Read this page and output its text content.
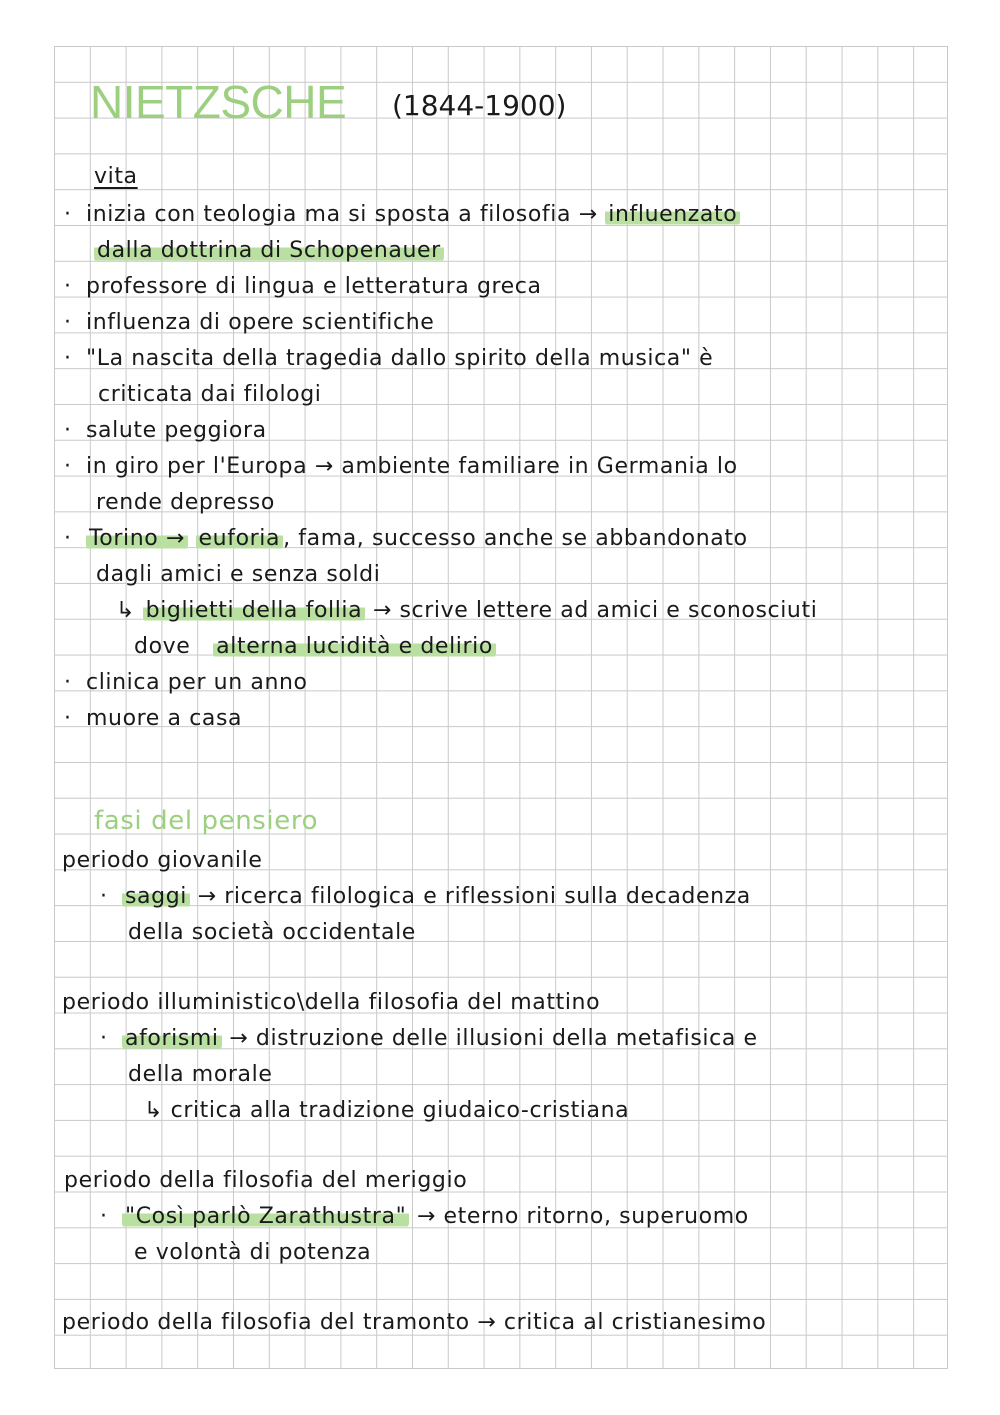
NIETZSCHE (1844-1900)
vita
· inizia con teologia ma si sposta a filosofia → influenzato
dalla dottrina di Schopenauer
· professore di lingua e letteratura greca
· influenza di opere scientifiche
· "La nascita della tragedia dallo spirito della musica" è
criticata dai filologi
· salute peggiora
· in giro per l'Europa → ambiente familiare in Germania lo
rende depresso
· Torino → euforia , fama, successo anche se abbandonato
dagli amici e senza soldi
↳ biglietti della follia → scrive lettere ad amici e sconosciuti
dove alterna lucidità e delirio
· clinica per un anno
· muore a casa
fasi del pensiero
periodo giovanile
· saggi → ricerca filologica e riflessioni sulla decadenza
della società occidentale
periodo illuministico\della filosofia del mattino
· aforismi → distruzione delle illusioni della metafisica e
della morale
↳ critica alla tradizione giudaico-cristiana
periodo della filosofia del meriggio
· "Così parlò Zarathustra" → eterno ritorno, superuomo
e volontà di potenza
periodo della filosofia del tramonto → critica al cristianesimo
